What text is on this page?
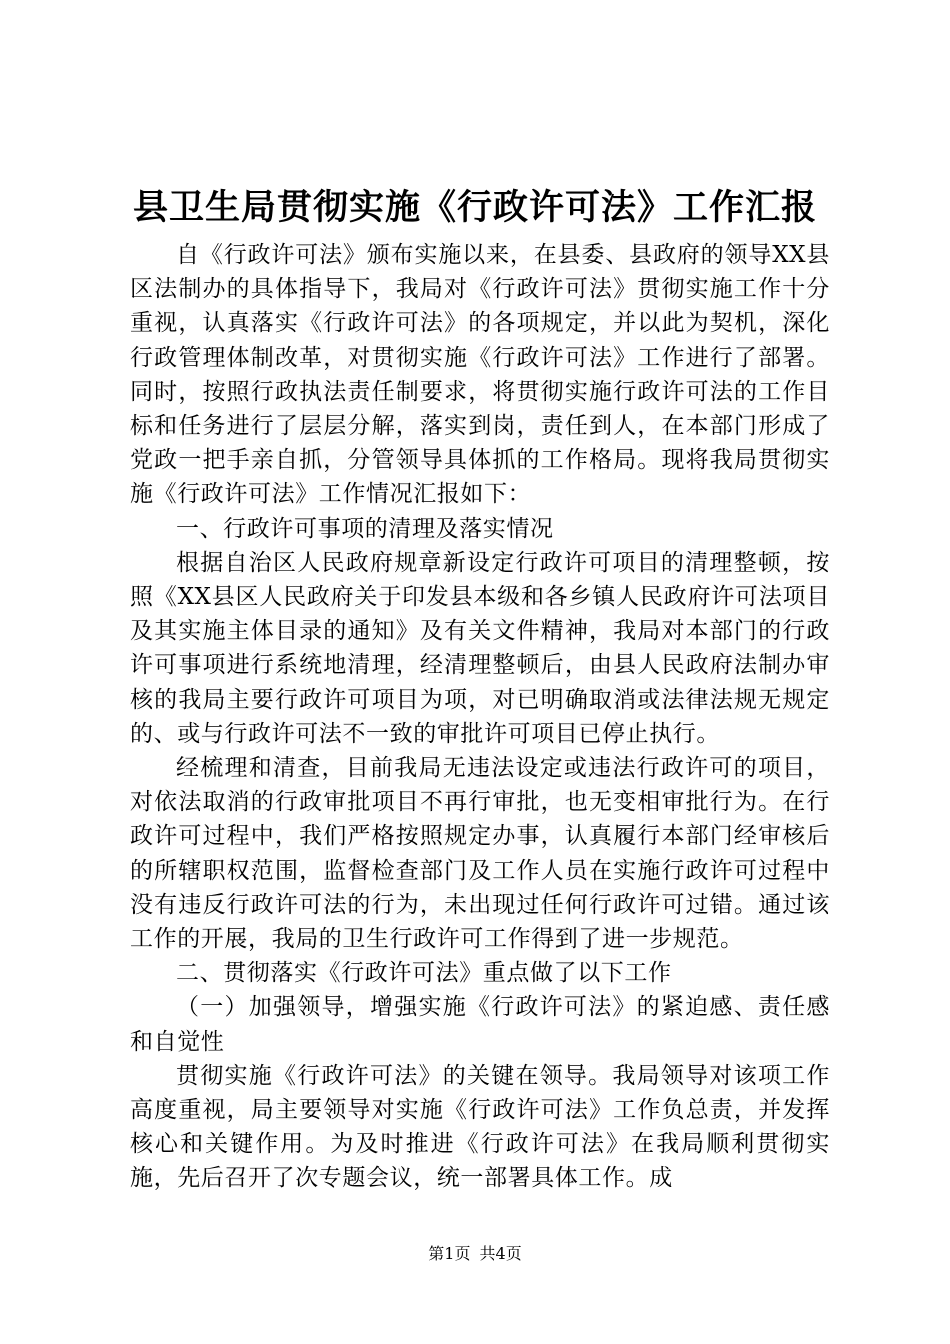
县卫生局贯彻实施《行政许可法》工作汇报

自《行政许可法》颁布实施以来，在县委、县政府的领导XX县区法制办的具体指导下，我局对《行政许可法》贯彻实施工作十分重视，认真落实《行政许可法》的各项规定，并以此为契机，深化行政管理体制改革，对贯彻实施《行政许可法》工作进行了部署。同时，按照行政执法责任制要求，将贯彻实施行政许可法的工作目标和任务进行了层层分解，落实到岗，责任到人，在本部门形成了党政一把手亲自抓，分管领导具体抓的工作格局。现将我局贯彻实施《行政许可法》工作情况汇报如下：

一、行政许可事项的清理及落实情况

根据自治区人民政府规章新设定行政许可项目的清理整顿，按照《XX县区人民政府关于印发县本级和各乡镇人民政府许可法项目及其实施主体目录的通知》及有关文件精神，我局对本部门的行政许可事项进行系统地清理，经清理整顿后，由县人民政府法制办审核的我局主要行政许可项目为项，对已明确取消或法律法规无规定的、或与行政许可法不一致的审批许可项目已停止执行。

经梳理和清查，目前我局无违法设定或违法行政许可的项目，对依法取消的行政审批项目不再行审批，也无变相审批行为。在行政许可过程中，我们严格按照规定办事，认真履行本部门经审核后的所辖职权范围，监督检查部门及工作人员在实施行政许可过程中没有违反行政许可法的行为，未出现过任何行政许可过错。通过该工作的开展，我局的卫生行政许可工作得到了进一步规范。

二、贯彻落实《行政许可法》重点做了以下工作

（一）加强领导，增强实施《行政许可法》的紧迫感、责任感和自觉性

贯彻实施《行政许可法》的关键在领导。我局领导对该项工作高度重视，局主要领导对实施《行政许可法》工作负总责，并发挥核心和关键作用。为及时推进《行政许可法》在我局顺利贯彻实施，先后召开了次专题会议，统一部署具体工作。成

第1页 共4页
